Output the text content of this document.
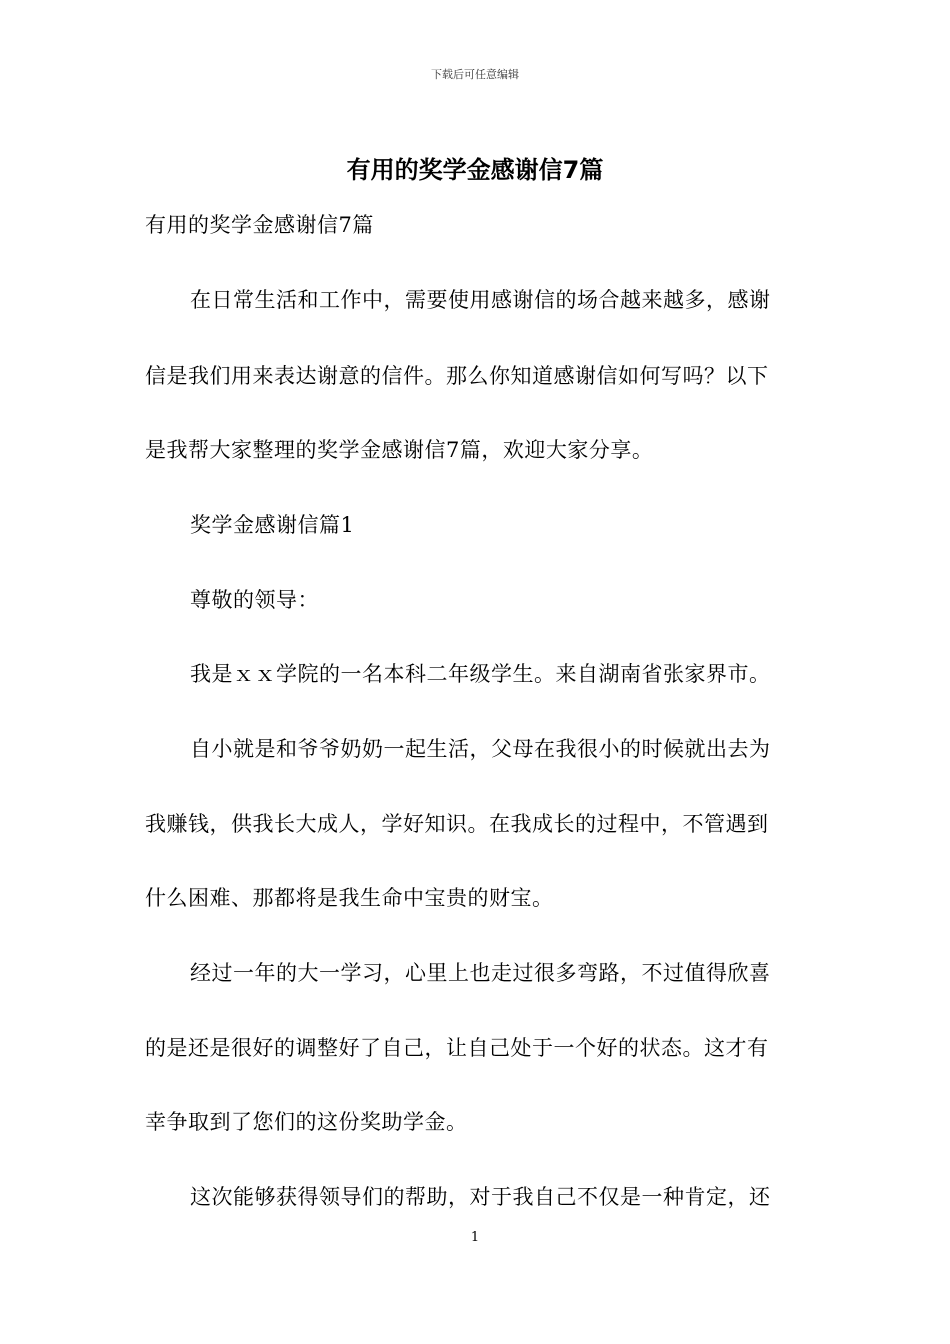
下载后可任意编辑
有用的奖学金感谢信7篇
有用的奖学金感谢信7篇
在日常生活和工作中，需要使用感谢信的场合越来越多，感谢
信是我们用来表达谢意的信件。那么你知道感谢信如何写吗？以下
是我帮大家整理的奖学金感谢信7篇，欢迎大家分享。
奖学金感谢信篇1
尊敬的领导：
我是ｘｘ学院的一名本科二年级学生。来自湖南省张家界市。
自小就是和爷爷奶奶一起生活，父母在我很小的时候就出去为
我赚钱，供我长大成人，学好知识。在我成长的过程中，不管遇到
什么困难、那都将是我生命中宝贵的财宝。
经过一年的大一学习，心里上也走过很多弯路，不过值得欣喜
的是还是很好的调整好了自己，让自己处于一个好的状态。这才有
幸争取到了您们的这份奖助学金。
这次能够获得领导们的帮助，对于我自己不仅是一种肯定，还
1
